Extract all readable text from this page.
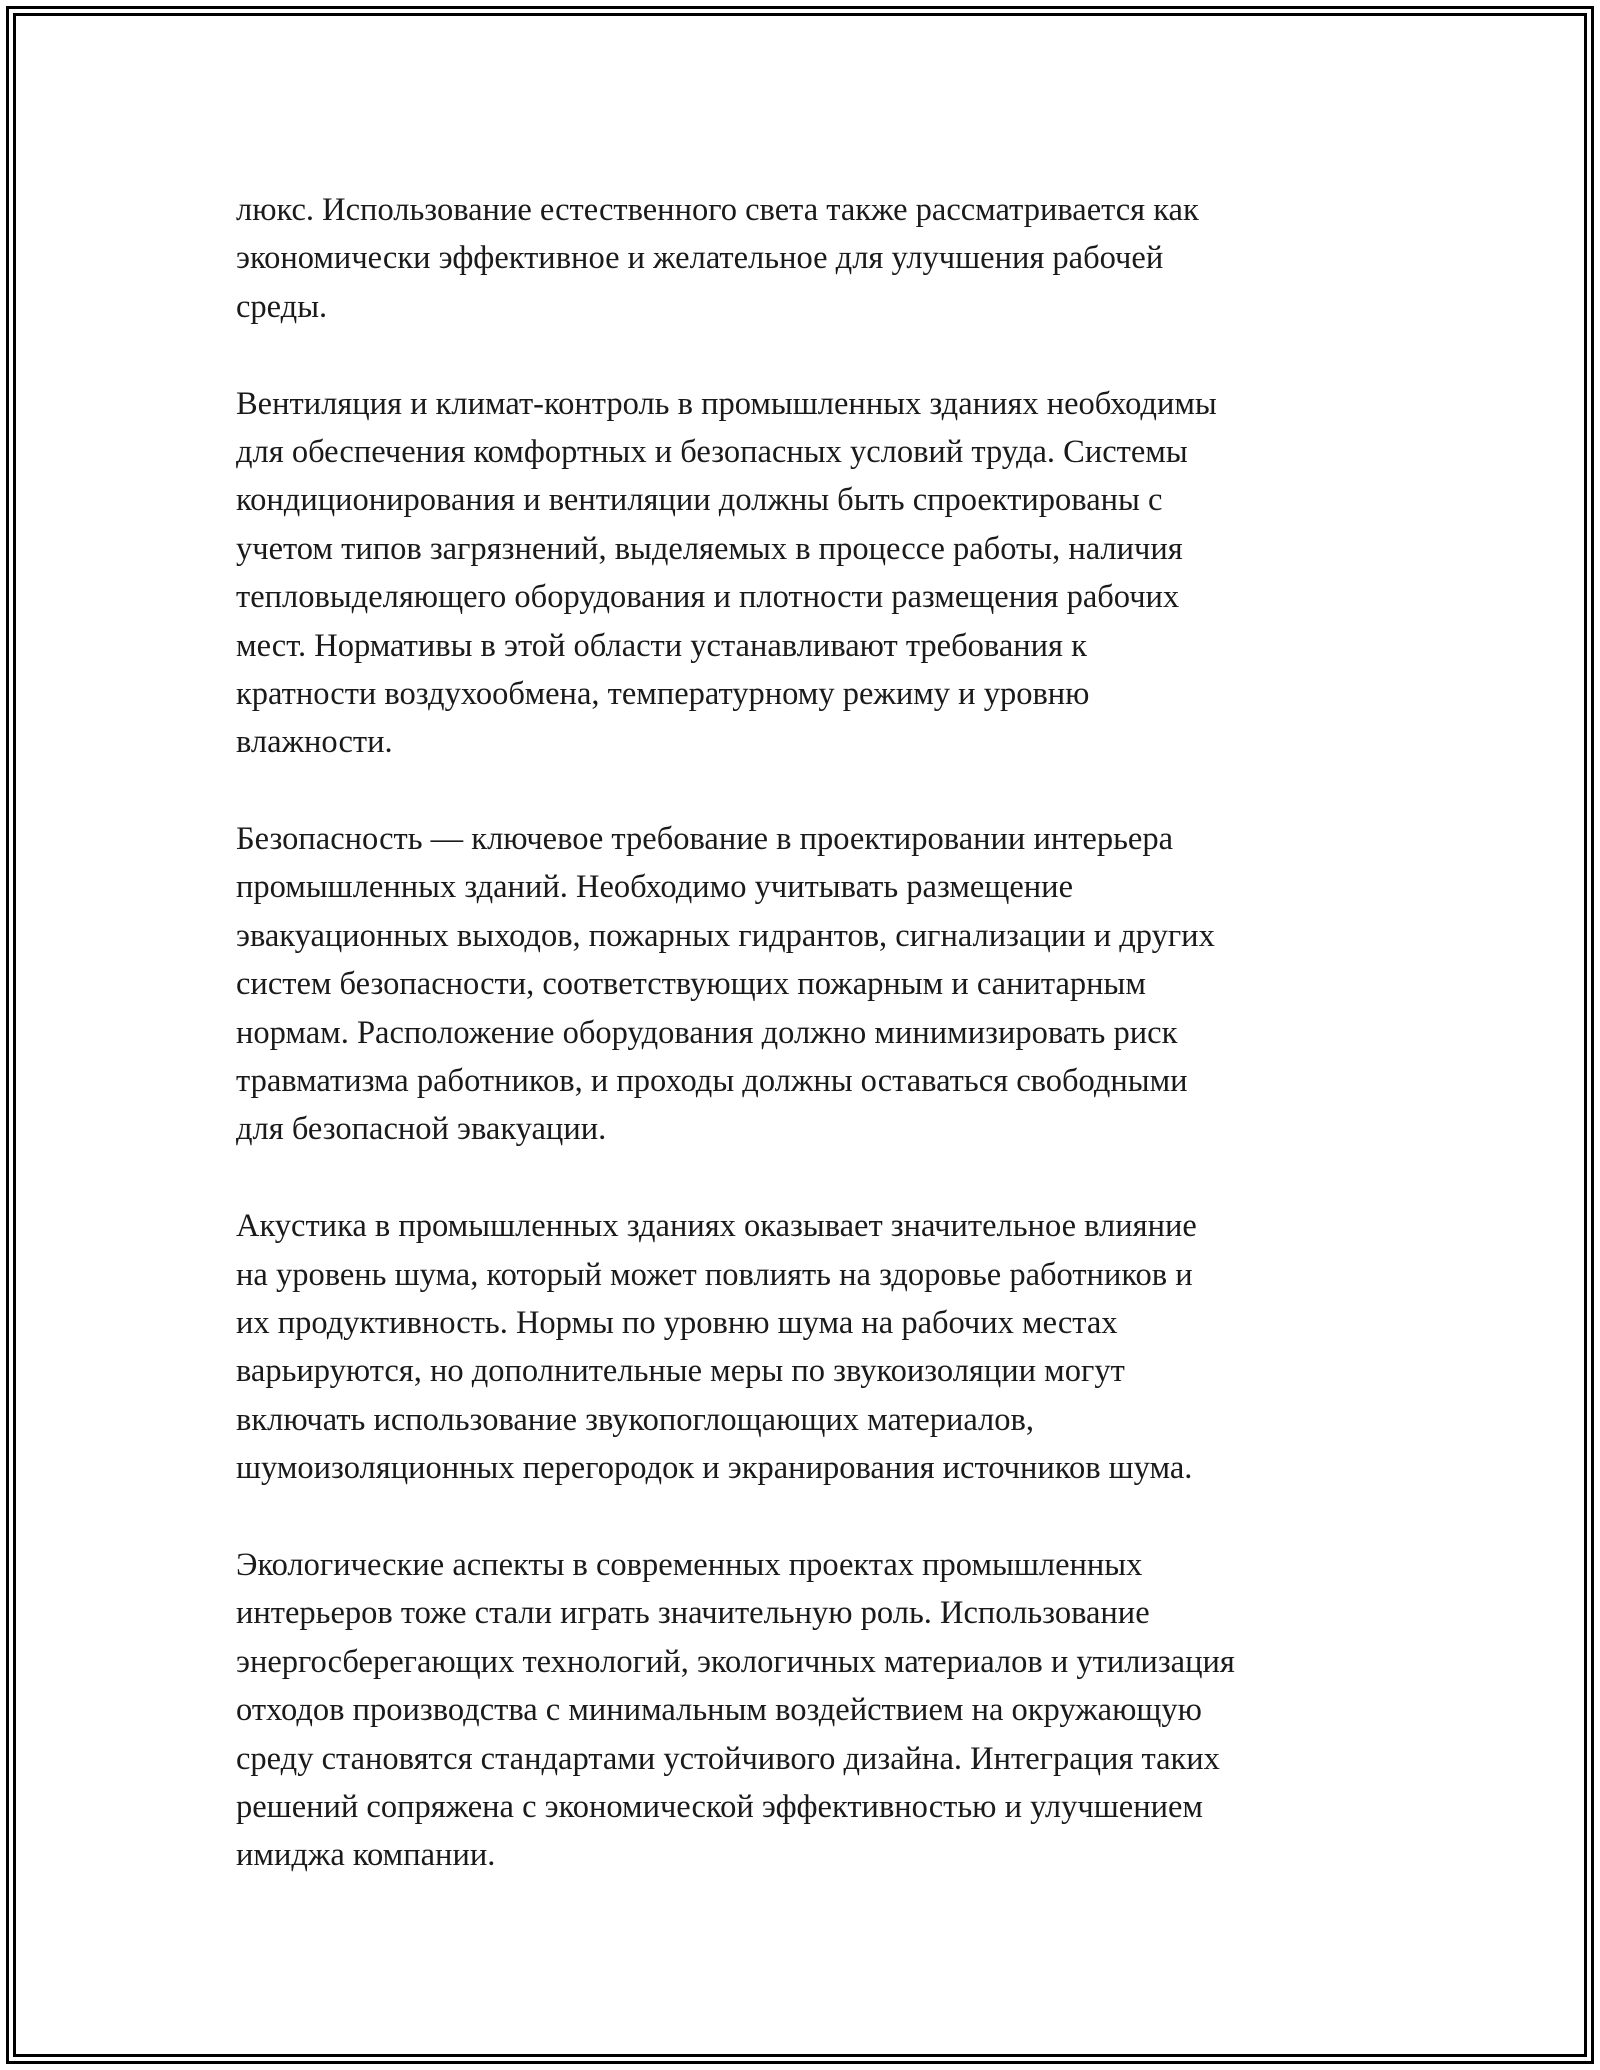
люкс. Использование естественного света также рассматривается как
экономически эффективное и желательное для улучшения рабочей
среды.
Вентиляция и климат-контроль в промышленных зданиях необходимы
для обеспечения комфортных и безопасных условий труда. Системы
кондиционирования и вентиляции должны быть спроектированы с
учетом типов загрязнений, выделяемых в процессе работы, наличия
тепловыделяющего оборудования и плотности размещения рабочих
мест. Нормативы в этой области устанавливают требования к
кратности воздухообмена, температурному режиму и уровню
влажности.
Безопасность — ключевое требование в проектировании интерьера
промышленных зданий. Необходимо учитывать размещение
эвакуационных выходов, пожарных гидрантов, сигнализации и других
систем безопасности, соответствующих пожарным и санитарным
нормам. Расположение оборудования должно минимизировать риск
травматизма работников, и проходы должны оставаться свободными
для безопасной эвакуации.
Акустика в промышленных зданиях оказывает значительное влияние
на уровень шума, который может повлиять на здоровье работников и
их продуктивность. Нормы по уровню шума на рабочих местах
варьируются, но дополнительные меры по звукоизоляции могут
включать использование звукопоглощающих материалов,
шумоизоляционных перегородок и экранирования источников шума.
Экологические аспекты в современных проектах промышленных
интерьеров тоже стали играть значительную роль. Использование
энергосберегающих технологий, экологичных материалов и утилизация
отходов производства с минимальным воздействием на окружающую
среду становятся стандартами устойчивого дизайна. Интеграция таких
решений сопряжена с экономической эффективностью и улучшением
имиджа компании.
